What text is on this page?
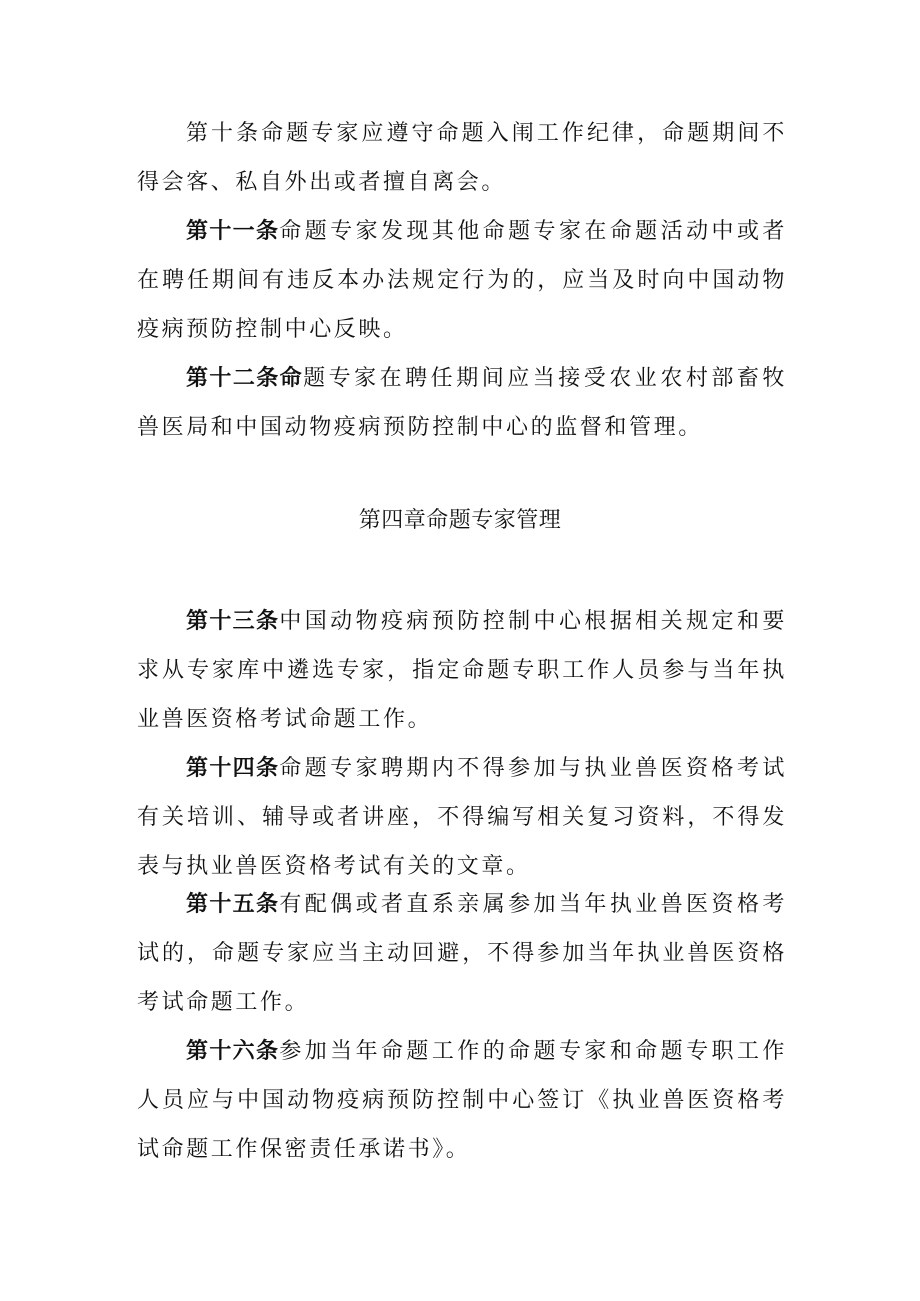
第十条命题专家应遵守命题入闱工作纪律，命题期间不得会客、私自外出或者擅自离会。

第十一条命题专家发现其他命题专家在命题活动中或者在聘任期间有违反本办法规定行为的，应当及时向中国动物疫病预防控制中心反映。

第十二条命题专家在聘任期间应当接受农业农村部畜牧兽医局和中国动物疫病预防控制中心的监督和管理。

第四章命题专家管理

第十三条中国动物疫病预防控制中心根据相关规定和要求从专家库中遴选专家，指定命题专职工作人员参与当年执业兽医资格考试命题工作。

第十四条命题专家聘期内不得参加与执业兽医资格考试有关培训、辅导或者讲座，不得编写相关复习资料，不得发表与执业兽医资格考试有关的文章。

第十五条有配偶或者直系亲属参加当年执业兽医资格考试的，命题专家应当主动回避，不得参加当年执业兽医资格考试命题工作。

第十六条参加当年命题工作的命题专家和命题专职工作人员应与中国动物疫病预防控制中心签订《执业兽医资格考试命题工作保密责任承诺书》。
